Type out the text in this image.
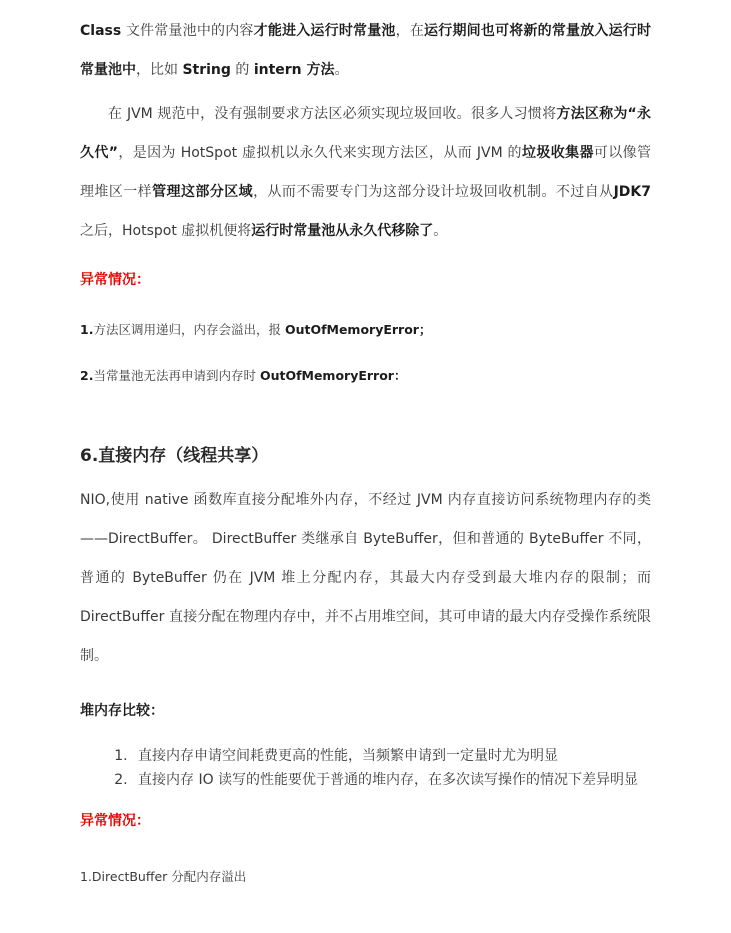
Class 文件常量池中的内容才能进入运行时常量池，在运行期间也可将新的常量放入运行时常量池中，比如 String 的 intern 方法。

在 JVM 规范中，没有强制要求方法区必须实现垃圾回收。很多人习惯将方法区称为“永久代”，是因为 HotSpot 虚拟机以永久代来实现方法区，从而 JVM 的垃圾收集器可以像管理堆区一样管理这部分区域，从而不需要专门为这部分设计垃圾回收机制。不过自从JDK7 之后，Hotspot 虚拟机便将运行时常量池从永久代移除了。

异常情况：

1.方法区调用递归，内存会溢出，报 OutOfMemoryError；

2.当常量池无法再申请到内存时 OutOfMemoryError：

6.直接内存（线程共享）

NIO,使用 native 函数库直接分配堆外内存，不经过 JVM 内存直接访问系统物理内存的类——DirectBuffer。 DirectBuffer 类继承自 ByteBuffer，但和普通的 ByteBuffer 不同，普通的 ByteBuffer 仍在 JVM 堆上分配内存，其最大内存受到最大堆内存的限制；而 DirectBuffer 直接分配在物理内存中，并不占用堆空间，其可申请的最大内存受操作系统限制。

堆内存比较：

1. 直接内存申请空间耗费更高的性能，当频繁申请到一定量时尤为明显
2. 直接内存 IO 读写的性能要优于普通的堆内存，在多次读写操作的情况下差异明显

异常情况：

1.DirectBuffer 分配内存溢出
